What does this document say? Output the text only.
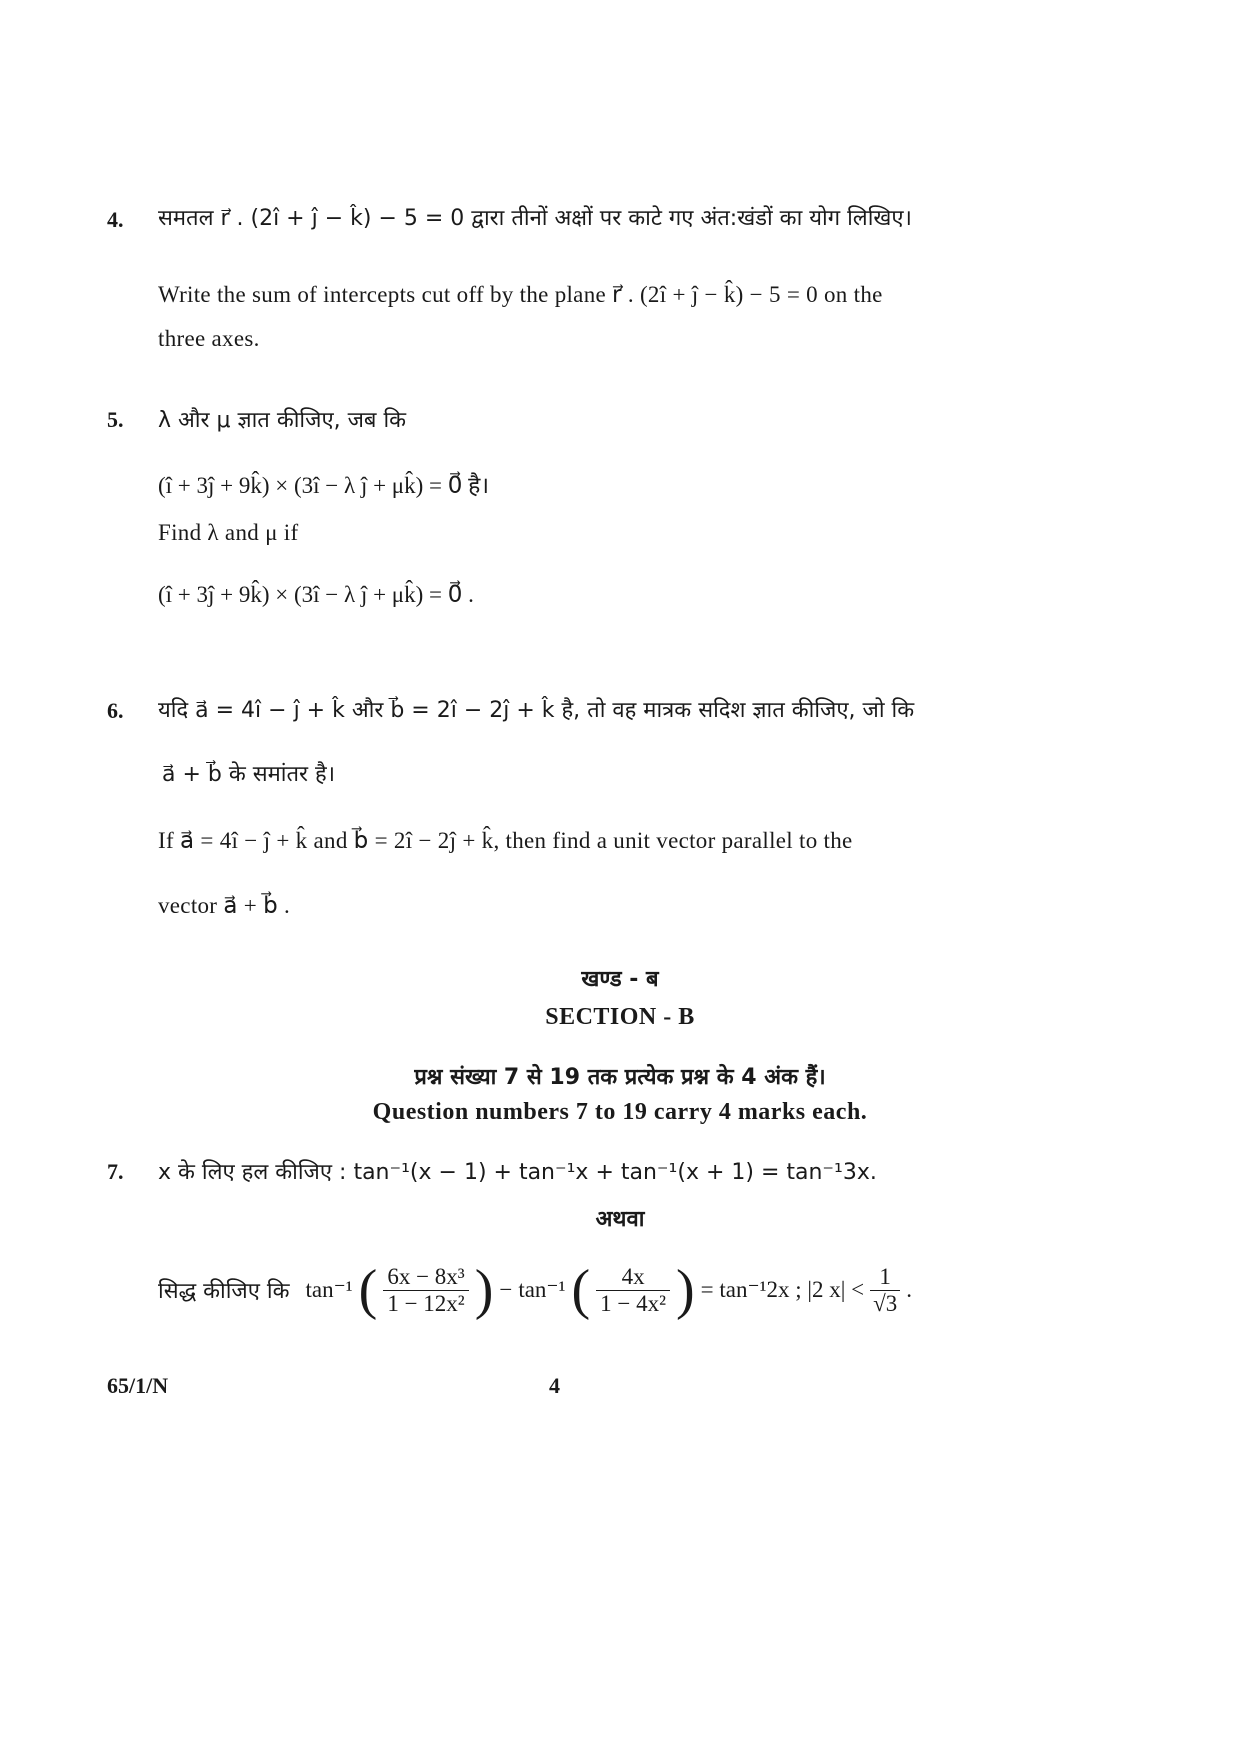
4. समतल r⃗ . (2î + ĵ − k̂) − 5 = 0 द्वारा तीनों अक्षों पर काटे गए अंत:खंडों का योग लिखिए।
Write the sum of intercepts cut off by the plane r⃗ . (2î + ĵ − k̂) − 5 = 0 on the
three axes.
5. λ और μ ज्ञात कीजिए, जब कि
(î + 3ĵ + 9k̂) × (3î − λ ĵ + μk̂) = 0⃗ है।
Find λ and μ if
(î + 3ĵ + 9k̂) × (3î − λ ĵ + μk̂) = 0⃗ .
6. यदि a⃗ = 4î − ĵ + k̂ और b⃗ = 2î − 2ĵ + k̂ है, तो वह मात्रक सदिश ज्ञात कीजिए, जो कि
a⃗ + b⃗ के समांतर है।
If a⃗ = 4î − ĵ + k̂ and b⃗ = 2î − 2ĵ + k̂, then find a unit vector parallel to the
vector a⃗ + b⃗ .
खण्ड - ब
SECTION - B
प्रश्न संख्या 7 से 19 तक प्रत्येक प्रश्न के 4 अंक हैं।
Question numbers 7 to 19 carry 4 marks each.
7. x के लिए हल कीजिए : tan⁻¹(x − 1) + tan⁻¹x + tan⁻¹(x + 1) = tan⁻¹3x.
अथवा
सिद्ध कीजिए कि tan⁻¹ ( 6x − 8x³
1 − 12x² ) − tan⁻¹ ( 4x
1 − 4x² ) = tan⁻¹2x ; |2 x| <
1
√3
.
65/1/N	4
